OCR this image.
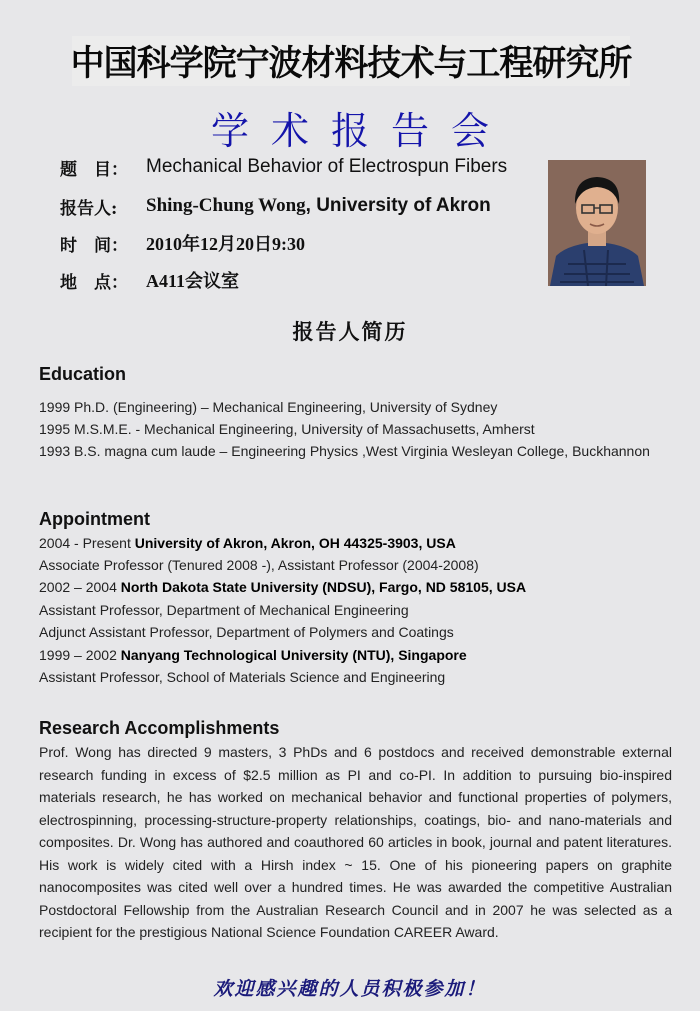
中国科学院宁波材料技术与工程研究所
学术报告会
题　目： Mechanical Behavior of Electrospun Fibers
报告人:	Shing-Chung Wong , University of Akron
时　间：	2010年12月20日9:30
地　点：	A411会议室
报告人简历
Education
1999 Ph.D. (Engineering) – Mechanical Engineering, University of Sydney
1995 M.S.M.E. - Mechanical Engineering, University of Massachusetts, Amherst
1993 B.S. magna cum laude – Engineering Physics ,West Virginia Wesleyan College, Buckhannon
Appointment
2004 - Present University of Akron, Akron, OH 44325-3903, USA
Associate Professor (Tenured 2008 -), Assistant Professor (2004-2008)
2002 – 2004 North Dakota State University (NDSU), Fargo, ND 58105, USA
Assistant Professor, Department of Mechanical Engineering
Adjunct Assistant Professor, Department of Polymers and Coatings
1999 – 2002 Nanyang Technological University (NTU), Singapore
Assistant Professor, School of Materials Science and Engineering
Research Accomplishments
Prof. Wong has directed 9 masters, 3 PhDs and 6 postdocs and received demonstrable external research funding in excess of $2.5 million as PI and co-PI. In addition to pursuing bio-inspired materials research, he has worked on mechanical behavior and functional properties of polymers, electrospinning, processing-structure-property relationships, coatings, bio- and nano-materials and composites. Dr. Wong has authored and coauthored 60 articles in book, journal and patent literatures. His work is widely cited with a Hirsh index ~ 15. One of his pioneering papers on graphite nanocomposites was cited well over a hundred times. He was awarded the competitive Australian Postdoctoral Fellowship from the Australian Research Council and in 2007 he was selected as a recipient for the prestigious National Science Foundation CAREER Award.
欢迎感兴趣的人员积极参加！
